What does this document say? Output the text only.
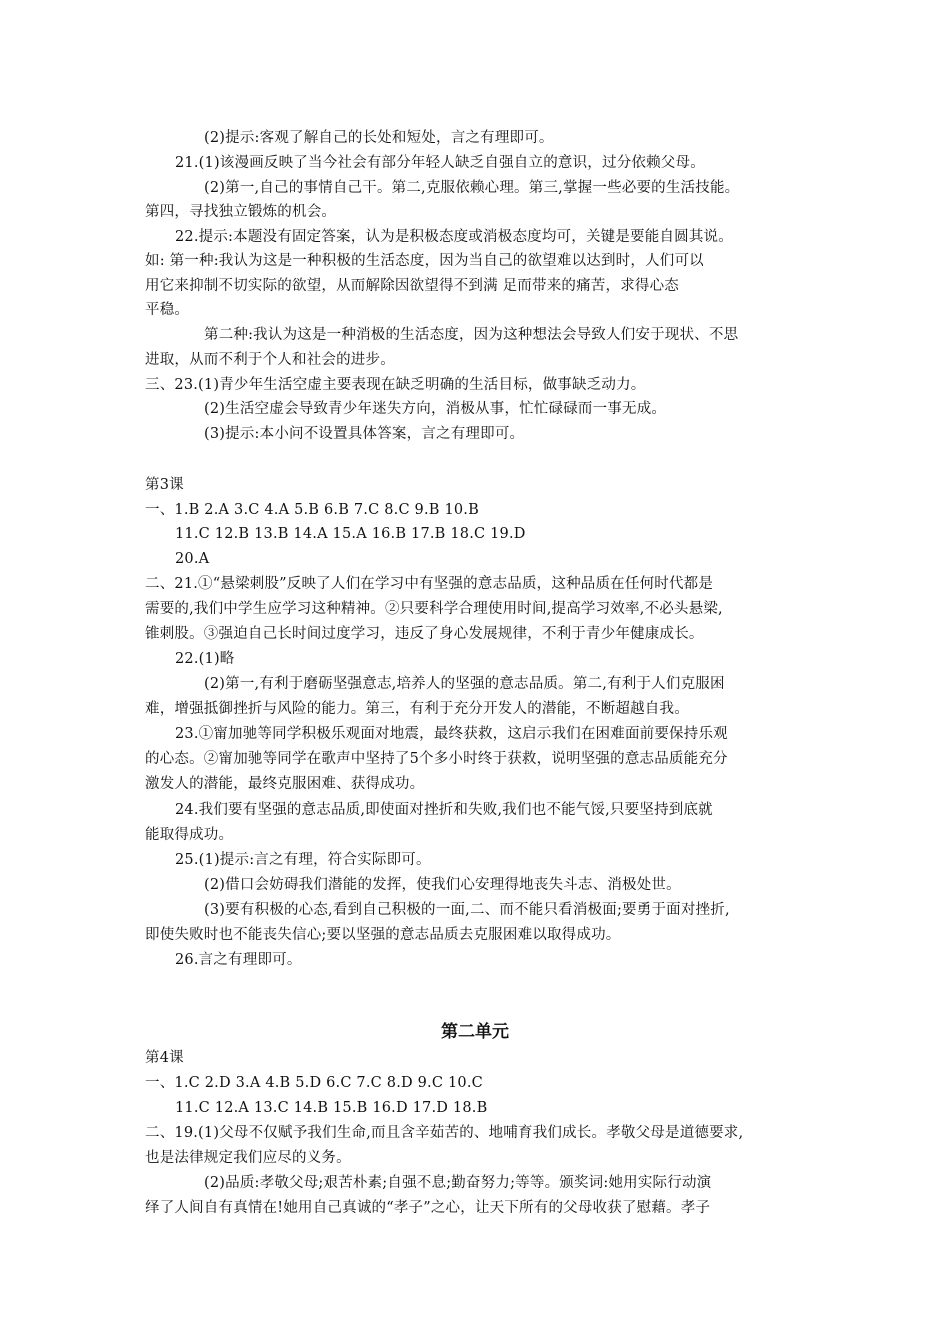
(2)提示:客观了解自己的长处和短处，言之有理即可。
21.(1)该漫画反映了当今社会有部分年轻人缺乏自强自立的意识，过分依赖父母。
(2)第一,自己的事情自己干。第二,克服依赖心理。第三,掌握一些必要的生活技能。
第四，寻找独立锻炼的机会。
22.提示:本题没有固定答案，认为是积极态度或消极态度均可，关键是要能自圆其说。
如: 第一种:我认为这是一种积极的生活态度，因为当自己的欲望难以达到时，人们可以
用它来抑制不切实际的欲望，从而解除因欲望得不到满 足而带来的痛苦，求得心态
平稳。
第二种:我认为这是一种消极的生活态度，因为这种想法会导致人们安于现状、不思
进取，从而不利于个人和社会的进步。
三、23.(1)青少年生活空虚主要表现在缺乏明确的生活目标，做事缺乏动力。
(2)生活空虚会导致青少年迷失方向，消极从事，忙忙碌碌而一事无成。
(3)提示:本小问不设置具体答案，言之有理即可。
第3课
一、1.B 2.A 3.C 4.A 5.B 6.B 7.C 8.C 9.B 10.B
11.C 12.B 13.B 14.A 15.A 16.B 17.B 18.C 19.D
20.A
二、21.①“悬梁刺股”反映了人们在学习中有坚强的意志品质，这种品质在任何时代都是
需要的,我们中学生应学习这种精神。②只要科学合理使用时间,提高学习效率,不必头悬梁,
锥刺股。③强迫自己长时间过度学习，违反了身心发展规律，不利于青少年健康成长。
22.(1)略
(2)第一,有利于磨砺坚强意志,培养人的坚强的意志品质。第二,有利于人们克服困
难，增强抵御挫折与风险的能力。第三，有利于充分开发人的潜能，不断超越自我。
23.①甯加驰等同学积极乐观面对地震，最终获救，这启示我们在困难面前要保持乐观
的心态。②甯加驰等同学在歌声中坚持了5个多小时终于获救，说明坚强的意志品质能充分
激发人的潜能，最终克服困难、获得成功。
24.我们要有坚强的意志品质,即使面对挫折和失败,我们也不能气馁,只要坚持到底就
能取得成功。
25.(1)提示:言之有理，符合实际即可。
(2)借口会妨碍我们潜能的发挥，使我们心安理得地丧失斗志、消极处世。
(3)要有积极的心态,看到自己积极的一面,二、而不能只看消极面;要勇于面对挫折,
即使失败时也不能丧失信心;要以坚强的意志品质去克服困难以取得成功。
26.言之有理即可。
第二单元
第4课
一、1.C 2.D 3.A 4.B 5.D 6.C 7.C 8.D 9.C 10.C
11.C 12.A 13.C 14.B 15.B 16.D 17.D 18.B
二、19.(1)父母不仅赋予我们生命,而且含辛茹苦的、地哺育我们成长。孝敬父母是道德要求,
也是法律规定我们应尽的义务。
(2)品质:孝敬父母;艰苦朴素;自强不息;勤奋努力;等等。颁奖词:她用实际行动演
绎了人间自有真情在!她用自己真诚的“孝子”之心，让天下所有的父母收获了慰藉。孝子
